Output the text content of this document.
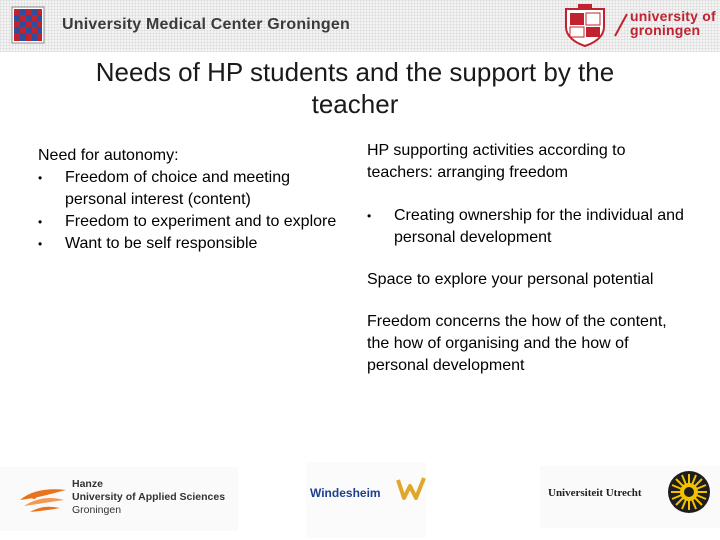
University Medical Center Groningen	university of
groningen
Needs of HP students and the support by the teacher

Need for autonomy:

• Freedom of choice and meeting personal interest (content)
• Freedom to experiment and to explore
• Want to be self responsible

HP supporting activities according to teachers: arranging freedom

• Creating ownership for the individual and personal development

Space to explore your personal potential

Freedom concerns the how of the content, the how of organising and the how of personal development

Hanze
University of Applied Sciences
Groningen
Windesheim	Universiteit Utrecht
